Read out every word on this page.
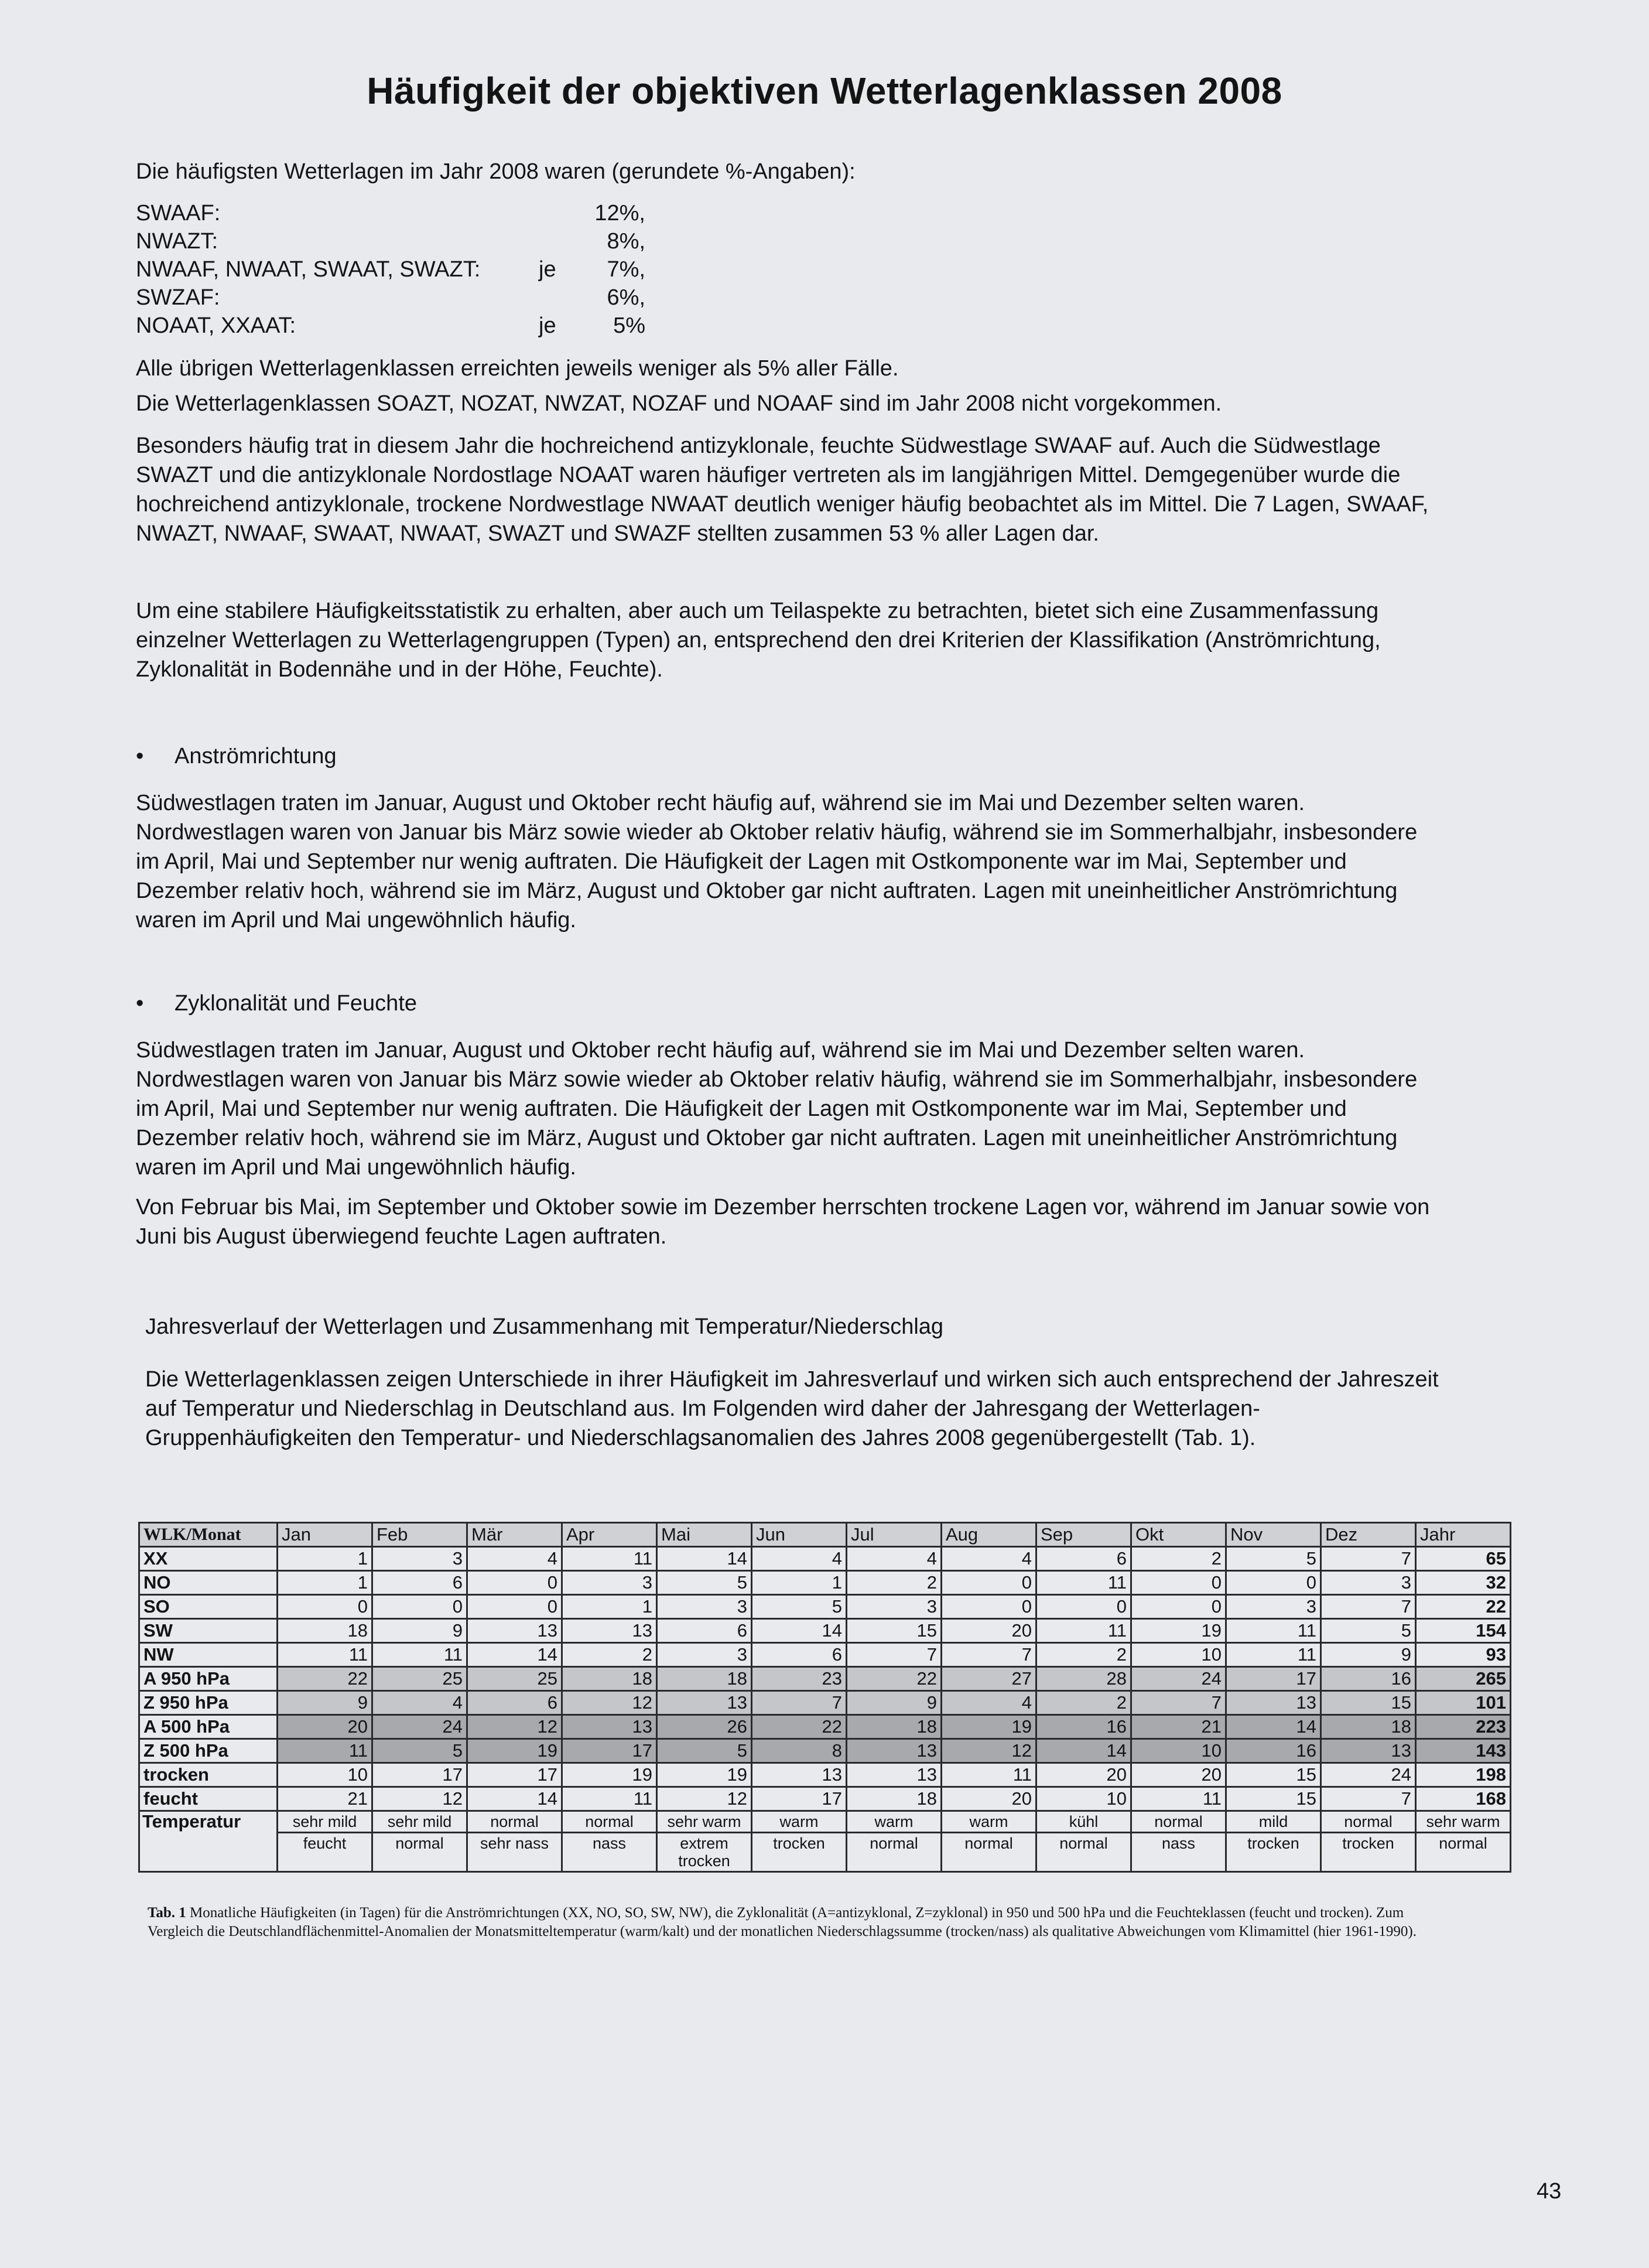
Häufigkeit der objektiven Wetterlagenklassen 2008

Die häufigsten Wetterlagen im Jahr 2008 waren (gerundete %-Angaben):

SWAAF:	12%,
NWAZT:	8%,
NWAAF, NWAAT, SWAAT, SWAZT:	je 7%,
SWZAF:	6%,
NOAAT, XXAAT:	je	5%

Alle übrigen Wetterlagenklassen erreichten jeweils weniger als 5% aller Fälle.

Die Wetterlagenklassen SOAZT, NOZAT, NWZAT, NOZAF und NOAAF sind im Jahr 2008 nicht vorgekommen.

Besonders häufig trat in diesem Jahr die hochreichend antizyklonale, feuchte Südwestlage SWAAF auf. Auch die Südwestlage
SWAZT und die antizyklonale Nordostlage NOAAT waren häufiger vertreten als im langjährigen Mittel. Demgegenüber wurde die
hochreichend antizyklonale, trockene Nordwestlage NWAAT deutlich weniger häufig beobachtet als im Mittel. Die 7 Lagen, SWAAF,
NWAZT, NWAAF, SWAAT, NWAAT, SWAZT und SWAZF stellten zusammen 53 % aller Lagen dar.

Um eine stabilere Häufigkeitsstatistik zu erhalten, aber auch um Teilaspekte zu betrachten, bietet sich eine Zusammenfassung
einzelner Wetterlagen zu Wetterlagengruppen (Typen) an, entsprechend den drei Kriterien der Klassifikation (Anströmrichtung,
Zyklonalität in Bodennähe und in der Höhe, Feuchte).

• Anströmrichtung

Südwestlagen traten im Januar, August und Oktober recht häufig auf, während sie im Mai und Dezember selten waren.
Nordwestlagen waren von Januar bis März sowie wieder ab Oktober relativ häufig, während sie im Sommerhalbjahr, insbesondere
im April, Mai und September nur wenig auftraten. Die Häufigkeit der Lagen mit Ostkomponente war im Mai, September und
Dezember relativ hoch, während sie im März, August und Oktober gar nicht auftraten. Lagen mit uneinheitlicher Anströmrichtung
waren im April und Mai ungewöhnlich häufig.

• Zyklonalität und Feuchte

Südwestlagen traten im Januar, August und Oktober recht häufig auf, während sie im Mai und Dezember selten waren.
Nordwestlagen waren von Januar bis März sowie wieder ab Oktober relativ häufig, während sie im Sommerhalbjahr, insbesondere
im April, Mai und September nur wenig auftraten. Die Häufigkeit der Lagen mit Ostkomponente war im Mai, September und
Dezember relativ hoch, während sie im März, August und Oktober gar nicht auftraten. Lagen mit uneinheitlicher Anströmrichtung
waren im April und Mai ungewöhnlich häufig.

Von Februar bis Mai, im September und Oktober sowie im Dezember herrschten trockene Lagen vor, während im Januar sowie von
Juni bis August überwiegend feuchte Lagen auftraten.

Jahresverlauf der Wetterlagen und Zusammenhang mit Temperatur/Niederschlag

Die Wetterlagenklassen zeigen Unterschiede in ihrer Häufigkeit im Jahresverlauf und wirken sich auch entsprechend der Jahreszeit
auf Temperatur und Niederschlag in Deutschland aus. Im Folgenden wird daher der Jahresgang der Wetterlagen-
Gruppenhäufigkeiten den Temperatur- und Niederschlagsanomalien des Jahres 2008 gegenübergestellt (Tab. 1).

WLK/Monat	Jan	Feb	Mär	Apr	Mai	Jun	Jul	Aug	Sep	Okt	Nov	Dez	Jahr
XX	1	3	4	11	14	4	4	4	6	2	5	7	65
NO	1	6	0	3	5	1	2	0	11	0	0	3	32
SO	0	0	0	1	3	5	3	0	0	0	3	7	22
SW	18	9	13	13	6	14	15	20	11	19	11	5	154
NW	11	11	14	2	3	6	7	7	2	10	11	9	93
A 950 hPa	22	25	25	18	18	23	22	27	28	24	17	16	265
Z 950 hPa	9	4	6	12	13	7	9	4	2	7	13	15	101
A 500 hPa	20	24	12	13	26	22	18	19	16	21	14	18	223
Z 500 hPa	11	5	19	17	5	8	13	12	14	10	16	13	143
trocken	10	17	17	19	19	13	13	11	20	20	15	24	198
feucht	21	12	14	11	12	17	18	20	10	11	15	7	168
Temperatur	sehr mild	sehr mild	normal	normal	sehr warm	warm	warm	warm	kühl	normal	mild	normal	sehr warm
	feucht	normal	sehr nass	nass	extrem trocken	trocken	normal	normal	normal	nass	trocken	trocken	normal
Tab. 1 Monatliche Häufigkeiten (in Tagen) für die Anströmrichtungen (XX, NO, SO, SW, NW), die Zyklonalität (A=antizyklonal, Z=zyklonal) in 950 und 500 hPa und die Feuchteklassen (feucht und trocken). Zum
Vergleich die Deutschlandflächenmittel-Anomalien der Monatsmitteltemperatur (warm/kalt) und der monatlichen Niederschlagssumme (trocken/nass) als qualitative Abweichungen vom Klimamittel (hier 1961-1990).
43
